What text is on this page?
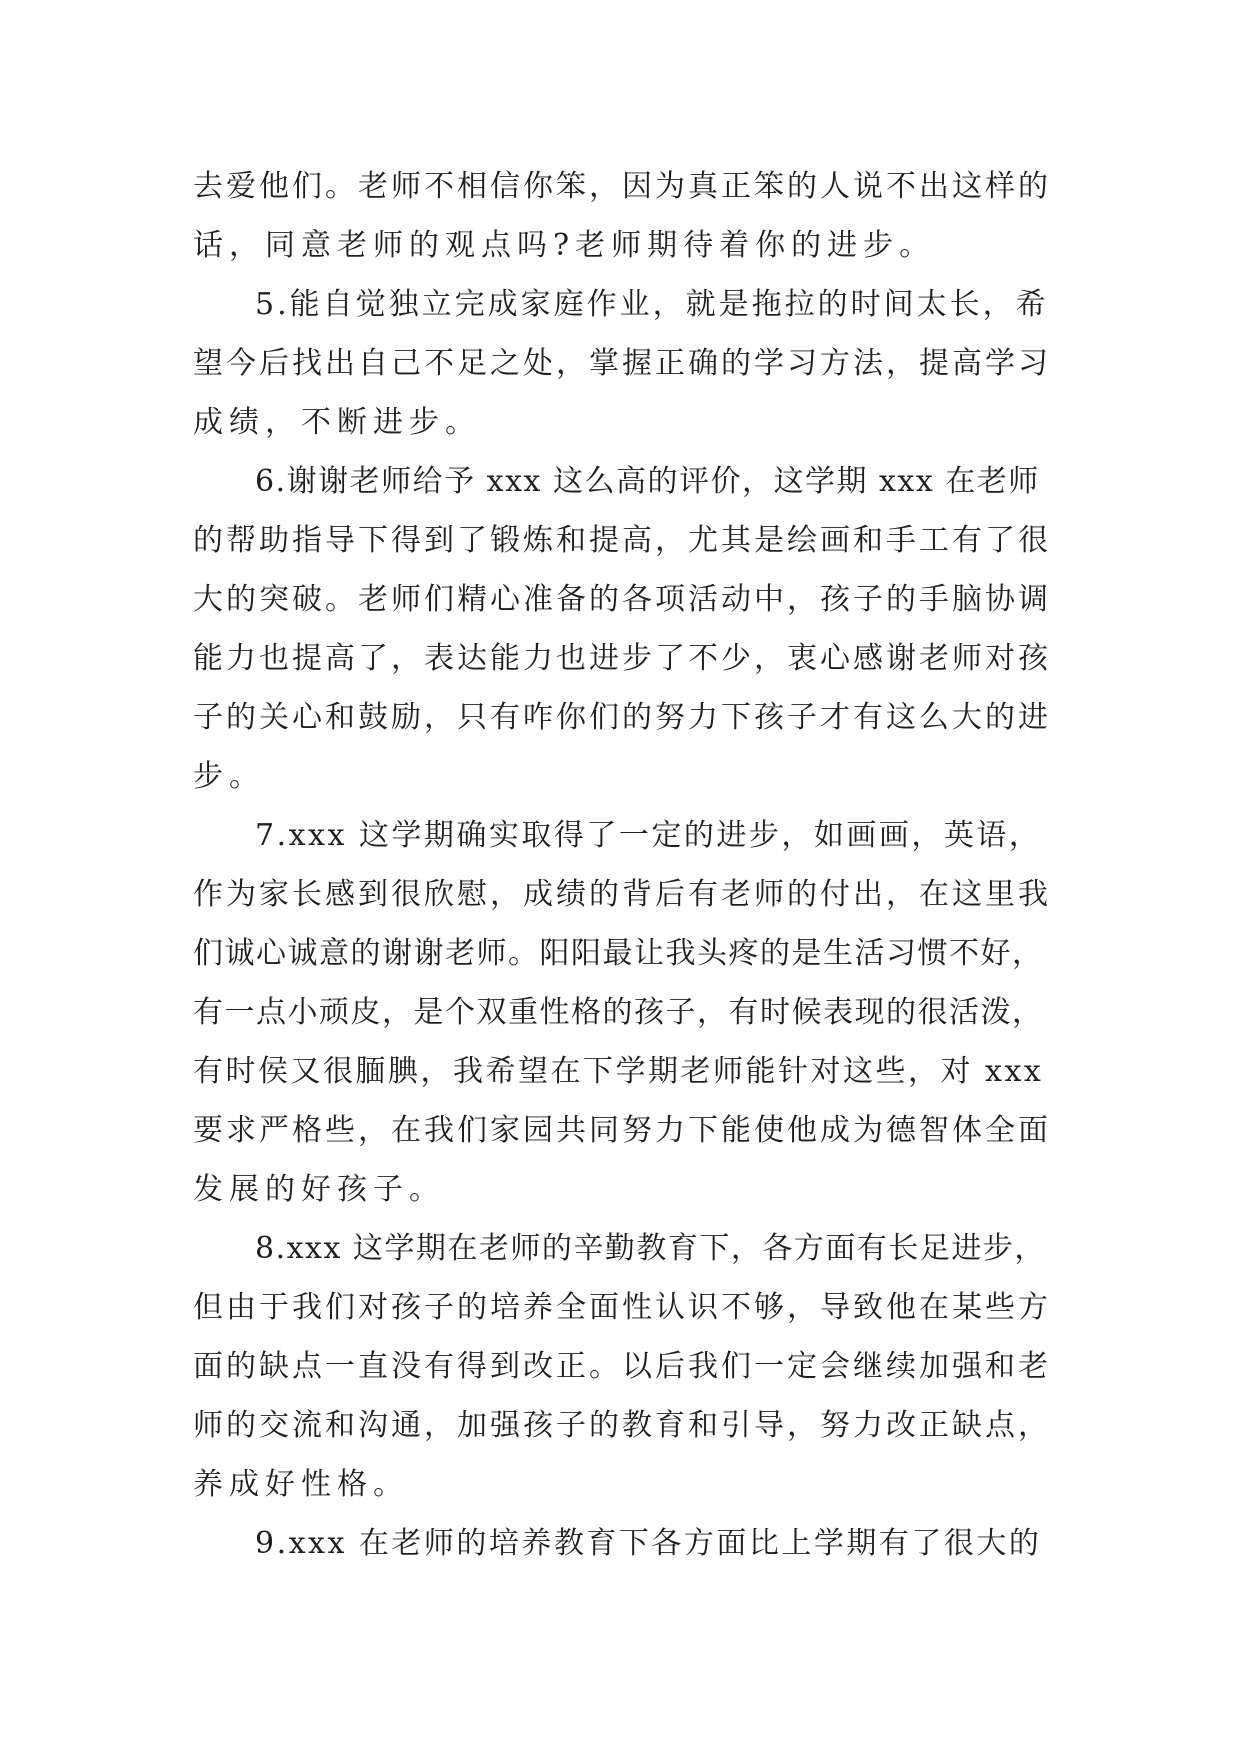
去爱他们。老师不相信你笨，因为真正笨的人说不出这样的
话，同意老师的观点吗?老师期待着你的进步。
5.能自觉独立完成家庭作业，就是拖拉的时间太长，希
望今后找出自己不足之处，掌握正确的学习方法，提高学习
成绩，不断进步。
6.谢谢老师给予 xxx 这么高的评价，这学期 xxx 在老师
的帮助指导下得到了锻炼和提高，尤其是绘画和手工有了很
大的突破。老师们精心准备的各项活动中，孩子的手脑协调
能力也提高了，表达能力也进步了不少，衷心感谢老师对孩
子的关心和鼓励，只有咋你们的努力下孩子才有这么大的进
步。
7.xxx 这学期确实取得了一定的进步，如画画，英语，
作为家长感到很欣慰，成绩的背后有老师的付出，在这里我
们诚心诚意的谢谢老师。阳阳最让我头疼的是生活习惯不好，
有一点小顽皮，是个双重性格的孩子，有时候表现的很活泼，
有时侯又很腼腆，我希望在下学期老师能针对这些，对 xxx
要求严格些，在我们家园共同努力下能使他成为德智体全面
发展的好孩子。
8.xxx 这学期在老师的辛勤教育下，各方面有长足进步，
但由于我们对孩子的培养全面性认识不够，导致他在某些方
面的缺点一直没有得到改正。以后我们一定会继续加强和老
师的交流和沟通，加强孩子的教育和引导，努力改正缺点，
养成好性格。
9.xxx 在老师的培养教育下各方面比上学期有了很大的
